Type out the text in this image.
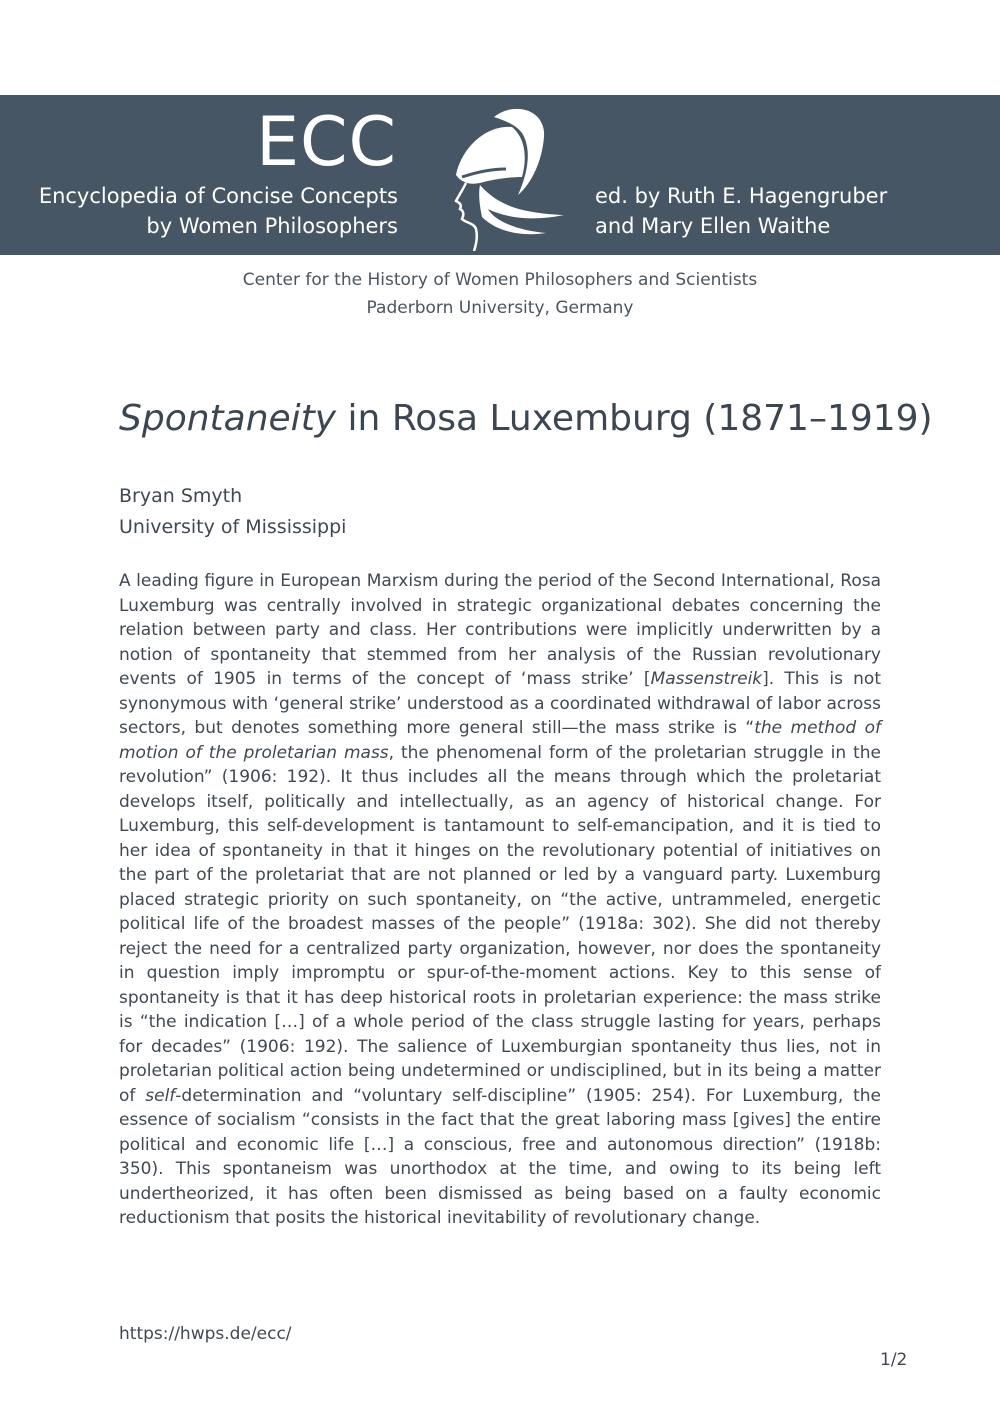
ECC
Encyclopedia of Concise Concepts
by Women Philosophers
ed. by Ruth E. Hagengruber
and Mary Ellen Waithe
Center for the History of Women Philosophers and Scientists
Paderborn University, Germany
Spontaneity in Rosa Luxemburg (1871–1919)
Bryan Smyth
University of Mississippi
A leading figure in European Marxism during the period of the Second International, Rosa Luxemburg was centrally involved in strategic organizational debates concerning the relation between party and class. Her contributions were implicitly underwritten by a notion of spontaneity that stemmed from her analysis of the Russian revolutionary events of 1905 in terms of the concept of ‘mass strike’ [Massenstreik]. This is not synonymous with ‘general strike’ understood as a coordinated withdrawal of labor across sectors, but denotes something more general still—the mass strike is “the method of motion of the proletarian mass, the phenomenal form of the proletarian struggle in the revolution” (1906: 192). It thus includes all the means through which the proletariat develops itself, politically and intellectually, as an agency of historical change. For Luxemburg, this self-development is tantamount to self-emancipation, and it is tied to her idea of spontaneity in that it hinges on the revolutionary potential of initiatives on the part of the proletariat that are not planned or led by a vanguard party. Luxemburg placed strategic priority on such spontaneity, on “the active, untrammeled, energetic political life of the broadest masses of the people” (1918a: 302). She did not thereby reject the need for a centralized party organization, however, nor does the spontaneity in question imply impromptu or spur-of-the-moment actions. Key to this sense of spontaneity is that it has deep historical roots in proletarian experience: the mass strike is “the indication […] of a whole period of the class struggle lasting for years, perhaps for decades” (1906: 192). The salience of Luxemburgian spontaneity thus lies, not in proletarian political action being undetermined or undisciplined, but in its being a matter of self-determination and “voluntary self-discipline” (1905: 254). For Luxemburg, the essence of socialism “consists in the fact that the great laboring mass [gives] the entire political and economic life […] a conscious, free and autonomous direction” (1918b: 350). This spontaneism was unorthodox at the time, and owing to its being left undertheorized, it has often been dismissed as being based on a faulty economic reductionism that posits the historical inevitability of revolutionary change.
https://hwps.de/ecc/
1/2
